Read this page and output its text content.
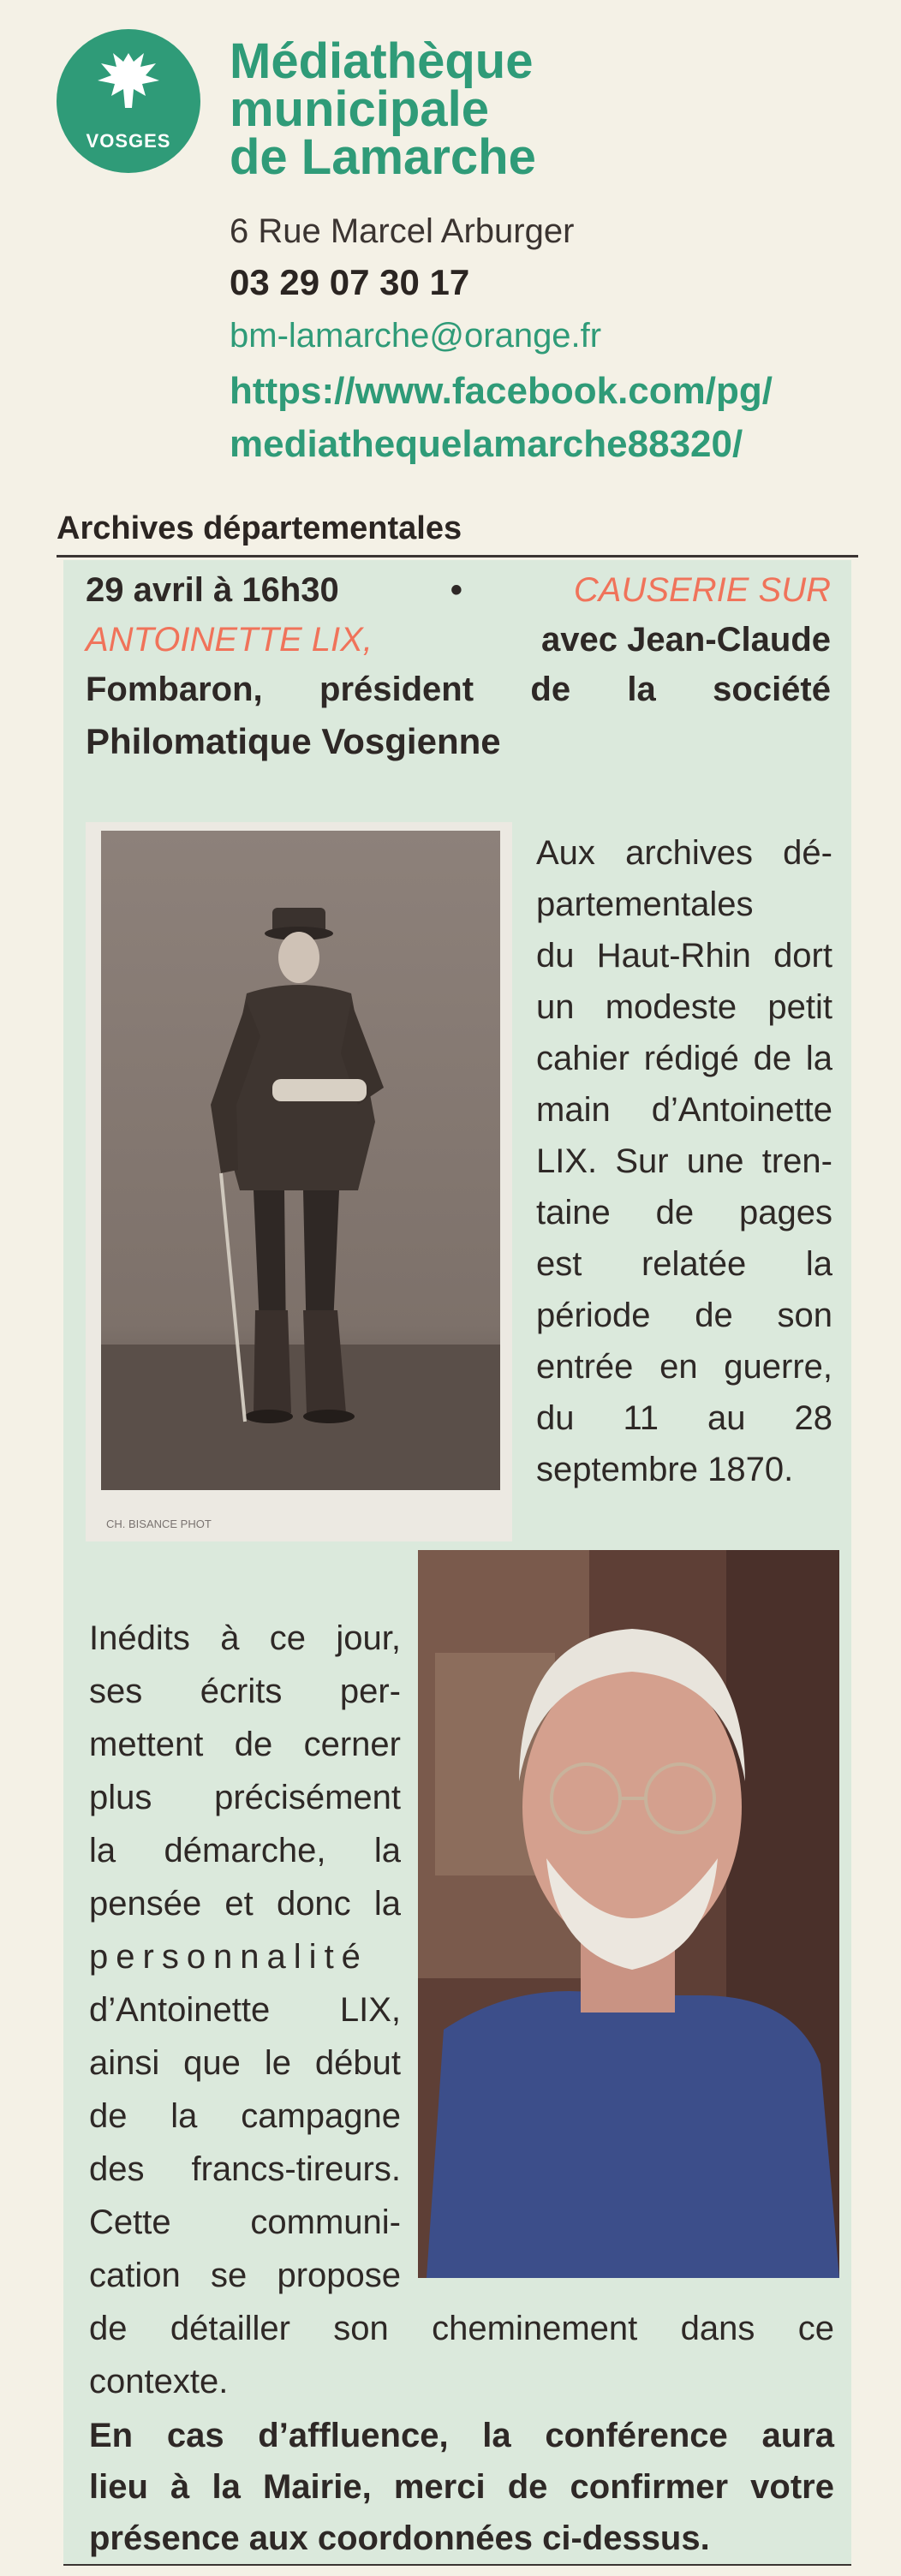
VOSGES
Médiathèque
municipale
de Lamarche
6 Rue Marcel Arburger
03 29 07 30 17
bm-lamarche@orange.fr
https://www.facebook.com/pg/
mediathequelamarche88320/
Archives départementales
29 avril à 16h30	•	CAUSERIE SUR
ANTOINETTE LIX,	avec Jean-Claude
Fombaron, président de la société
Philomatique Vosgienne
CH. BISANCE PHOT
Aux archives dé-
partementales
du Haut-Rhin dort
un modeste petit
cahier rédigé de la
main d’Antoinette
LIX. Sur une tren-
taine de pages
est relatée la
période de son
entrée en guerre,
du 11 au 28
septembre 1870.
Inédits à ce jour,
ses écrits per-
mettent de cerner
plus précisément
la démarche, la
pensée et donc la
personnalité
d’Antoinette LIX,
ainsi que le début
de la campagne
des francs-tireurs.
Cette communi-
cation se propose
de détailler son cheminement dans ce
contexte.
En cas d’affluence, la conférence aura
lieu à la Mairie, merci de confirmer votre
présence aux coordonnées ci-dessus.
